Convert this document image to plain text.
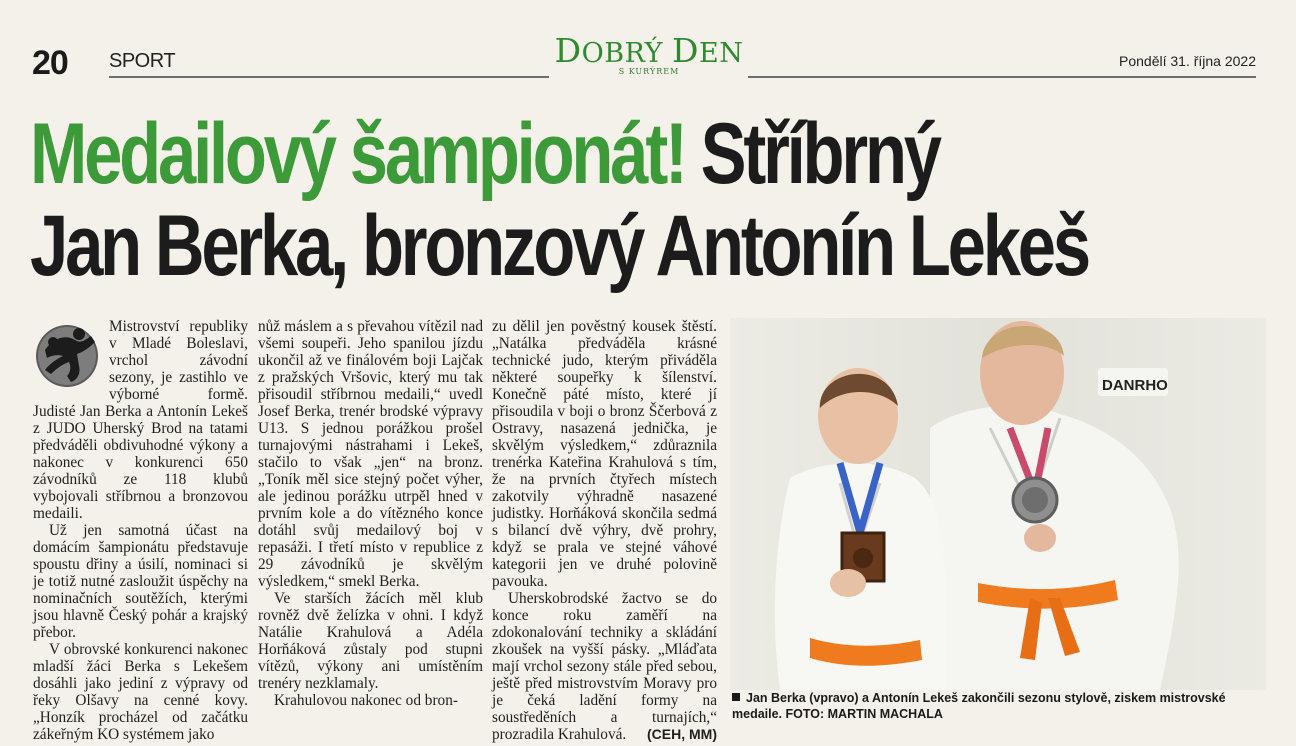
20 SPORT	DOBRÝ DEN
S KURÝREM
Pondělí 31. října 2022
Medailový šampionát! Stříbrný
Jan Berka, bronzový Antonín Lekeš

Mistrovství republiky v Mladé Boleslavi, vrchol závodní sezony, je zastihlo ve výborné formě. Judisté Jan Berka a Antonín Lekeš z JUDO Uherský Brod na tatami předváděli obdivuhodné výkony a nakonec v konkurenci 650 závodníků ze 118 klubů vybojovali stříbrnou a bronzovou medaili.

Už jen samotná účast na domácím šampionátu představuje spoustu dřiny a úsilí, nominaci si je totiž nutné zasloužit úspěchy na nominačních soutěžích, kterými jsou hlavně Český pohár a krajský přebor.

V obrovské konkurenci nakonec mladší žáci Berka s Lekešem dosáhli jako jediní z výpravy od řeky Olšavy na cenné kovy. „Honzík procházel od začátku zákeřným KO systémem jako

nůž máslem a s převahou vítězil nad všemi soupeři. Jeho spanilou jízdu ukončil až ve finálovém boji Lajčak z pražských Vršovic, který mu tak přisoudil stříbrnou medaili,“ uvedl Josef Berka, trenér brodské výpravy U13. S jednou porážkou prošel turnajovými nástrahami i Lekeš, stačilo to však „jen“ na bronz. „Toník měl sice stejný počet výher, ale jedinou porážku utrpěl hned v prvním kole a do vítězného konce dotáhl svůj medailový boj v repasáži. I třetí místo v republice z 29 závodníků je skvělým výsledkem,“ smekl Berka.

Ve starších žácích měl klub rovněž dvě želízka v ohni. I když Natálie Krahulová a Adéla Horňáková zůstaly pod stupni vítězů, výkony ani umístěním trenéry nezklamaly.

Krahulovou nakonec od bron-

zu dělil jen pověstný kousek štěstí. „Natálka předváděla krásné technické judo, kterým přiváděla některé soupeřky k šílenství. Konečně páté místo, které jí přisoudila v boji o bronz Ščerbová z Ostravy, nasazená jednička, je skvělým výsledkem,“ zdůraznila trenérka Kateřina Krahulová s tím, že na prvních čtyřech místech zakotvily výhradně nasazené judistky. Horňáková skončila sedmá s bilancí dvě výhry, dvě prohry, když se prala ve stejné váhové kategorii jen ve druhé polovině pavouka.

Uherskobrodské žactvo se do konce roku zaměří na zdokonalování techniky a skládání zkoušek na vyšší pásky. „Mláďata mají vrchol sezony stále před sebou, ještě před mistrovstvím Moravy pro je čeká ladění formy na soustředěních a turnajích,“ prozradila Krahulová.	(CEH, MM)

DANRHO
Jan Berka (vpravo) a Antonín Lekeš zakončili sezonu stylově, ziskem mistrovské medaile. FOTO: MARTIN MACHALA
